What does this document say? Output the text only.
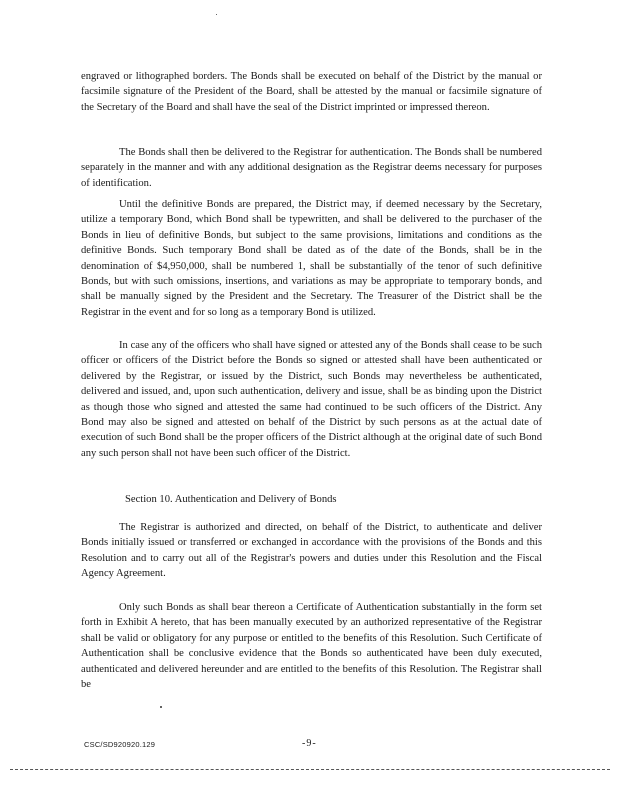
engraved or lithographed borders. The Bonds shall be executed on behalf of the District by the manual or facsimile signature of the President of the Board, shall be attested by the manual or facsimile signature of the Secretary of the Board and shall have the seal of the District imprinted or impressed thereon.

The Bonds shall then be delivered to the Registrar for authentication. The Bonds shall be numbered separately in the manner and with any additional designation as the Registrar deems necessary for purposes of identification.

Until the definitive Bonds are prepared, the District may, if deemed necessary by the Secretary, utilize a temporary Bond, which Bond shall be typewritten, and shall be delivered to the purchaser of the Bonds in lieu of definitive Bonds, but subject to the same provisions, limitations and conditions as the definitive Bonds. Such temporary Bond shall be dated as of the date of the Bonds, shall be in the denomination of $4,950,000, shall be numbered 1, shall be substantially of the tenor of such definitive Bonds, but with such omissions, insertions, and variations as may be appropriate to temporary bonds, and shall be manually signed by the President and the Secretary. The Treasurer of the District shall be the Registrar in the event and for so long as a temporary Bond is utilized.

In case any of the officers who shall have signed or attested any of the Bonds shall cease to be such officer or officers of the District before the Bonds so signed or attested shall have been authenticated or delivered by the Registrar, or issued by the District, such Bonds may nevertheless be authenticated, delivered and issued, and, upon such authentication, delivery and issue, shall be as binding upon the District as though those who signed and attested the same had continued to be such officers of the District. Any Bond may also be signed and attested on behalf of the District by such persons as at the actual date of execution of such Bond shall be the proper officers of the District although at the original date of such Bond any such person shall not have been such officer of the District.

Section 10. Authentication and Delivery of Bonds

The Registrar is authorized and directed, on behalf of the District, to authenticate and deliver Bonds initially issued or transferred or exchanged in accordance with the provisions of the Bonds and this Resolution and to carry out all of the Registrar's powers and duties under this Resolution and the Fiscal Agency Agreement.

Only such Bonds as shall bear thereon a Certificate of Authentication substantially in the form set forth in Exhibit A hereto, that has been manually executed by an authorized representative of the Registrar shall be valid or obligatory for any purpose or entitled to the benefits of this Resolution. Such Certificate of Authentication shall be conclusive evidence that the Bonds so authenticated have been duly executed, authenticated and delivered hereunder and are entitled to the benefits of this Resolution. The Registrar shall be

CSC/SD920920.129	-9-
